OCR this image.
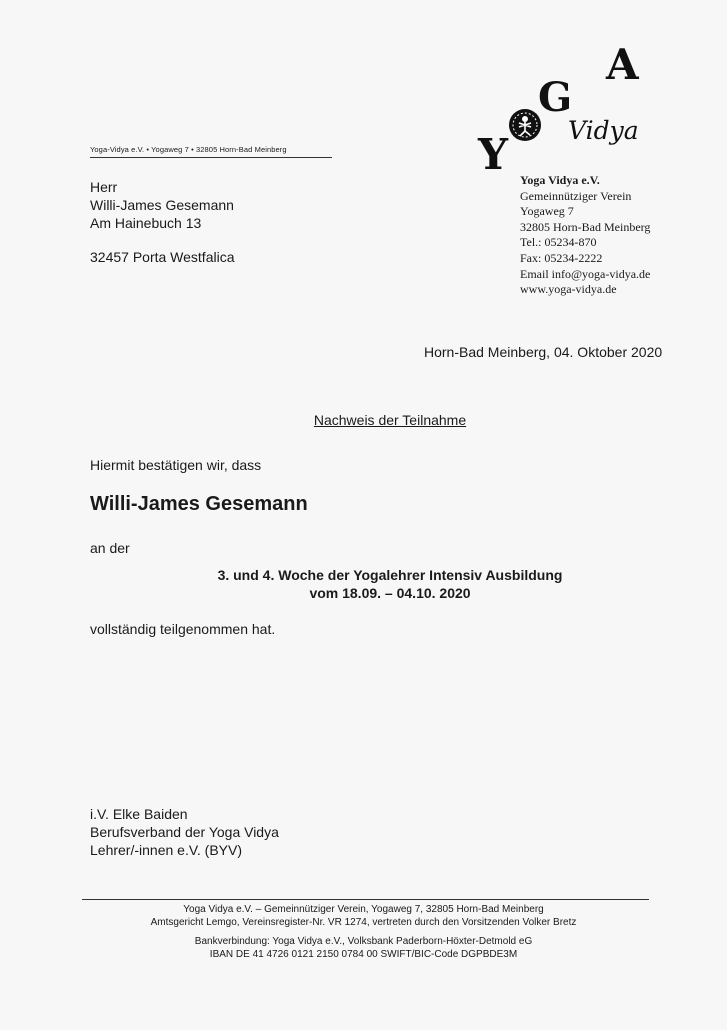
Yoga-Vidya e.V. • Yogaweg 7 • 32805 Horn-Bad Meinberg
Herr
Willi-James Gesemann
Am Hainebuch 13
32457 Porta Westfalica
Y
G
A
Vidya
Yoga Vidya e.V.
Gemeinnütziger Verein
Yogaweg 7
32805 Horn-Bad Meinberg
Tel.: 05234-870
Fax: 05234-2222
Email info@yoga-vidya.de
www.yoga-vidya.de
Horn-Bad Meinberg, 04. Oktober 2020
Nachweis der Teilnahme
Hiermit bestätigen wir, dass
Willi-James Gesemann
an der
3. und 4. Woche der Yogalehrer Intensiv Ausbildung
vom 18.09. – 04.10. 2020
vollständig teilgenommen hat.
i.V. Elke Baiden
Berufsverband der Yoga Vidya
Lehrer/-innen e.V. (BYV)
Yoga Vidya e.V. – Gemeinnütziger Verein, Yogaweg 7, 32805 Horn-Bad Meinberg
Amtsgericht Lemgo, Vereinsregister-Nr. VR 1274, vertreten durch den Vorsitzenden Volker Bretz
Bankverbindung: Yoga Vidya e.V., Volksbank Paderborn-Höxter-Detmold eG
IBAN DE 41 4726 0121 2150 0784 00 SWIFT/BIC-Code DGPBDE3M
